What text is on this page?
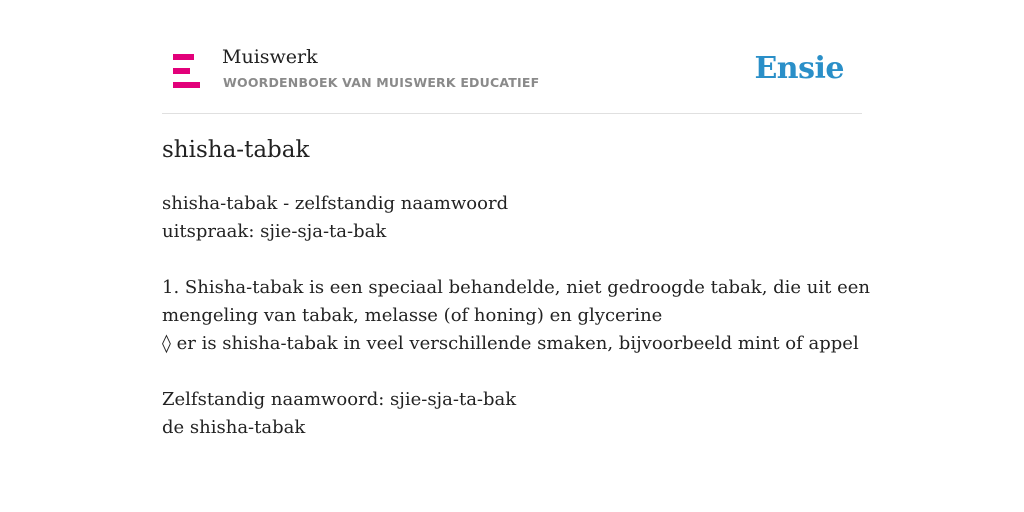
Muiswerk
WOORDENBOEK VAN MUISWERK EDUCATIEF	Ensie
shisha-tabak
shisha-tabak - zelfstandig naamwoord
uitspraak: sjie-sja-ta-bak
1. Shisha-tabak is een speciaal behandelde, niet gedroogde tabak, die uit een
mengeling van tabak, melasse (of honing) en glycerine
◊ er is shisha-tabak in veel verschillende smaken, bijvoorbeeld mint of appel
Zelfstandig naamwoord: sjie-sja-ta-bak
de shisha-tabak
